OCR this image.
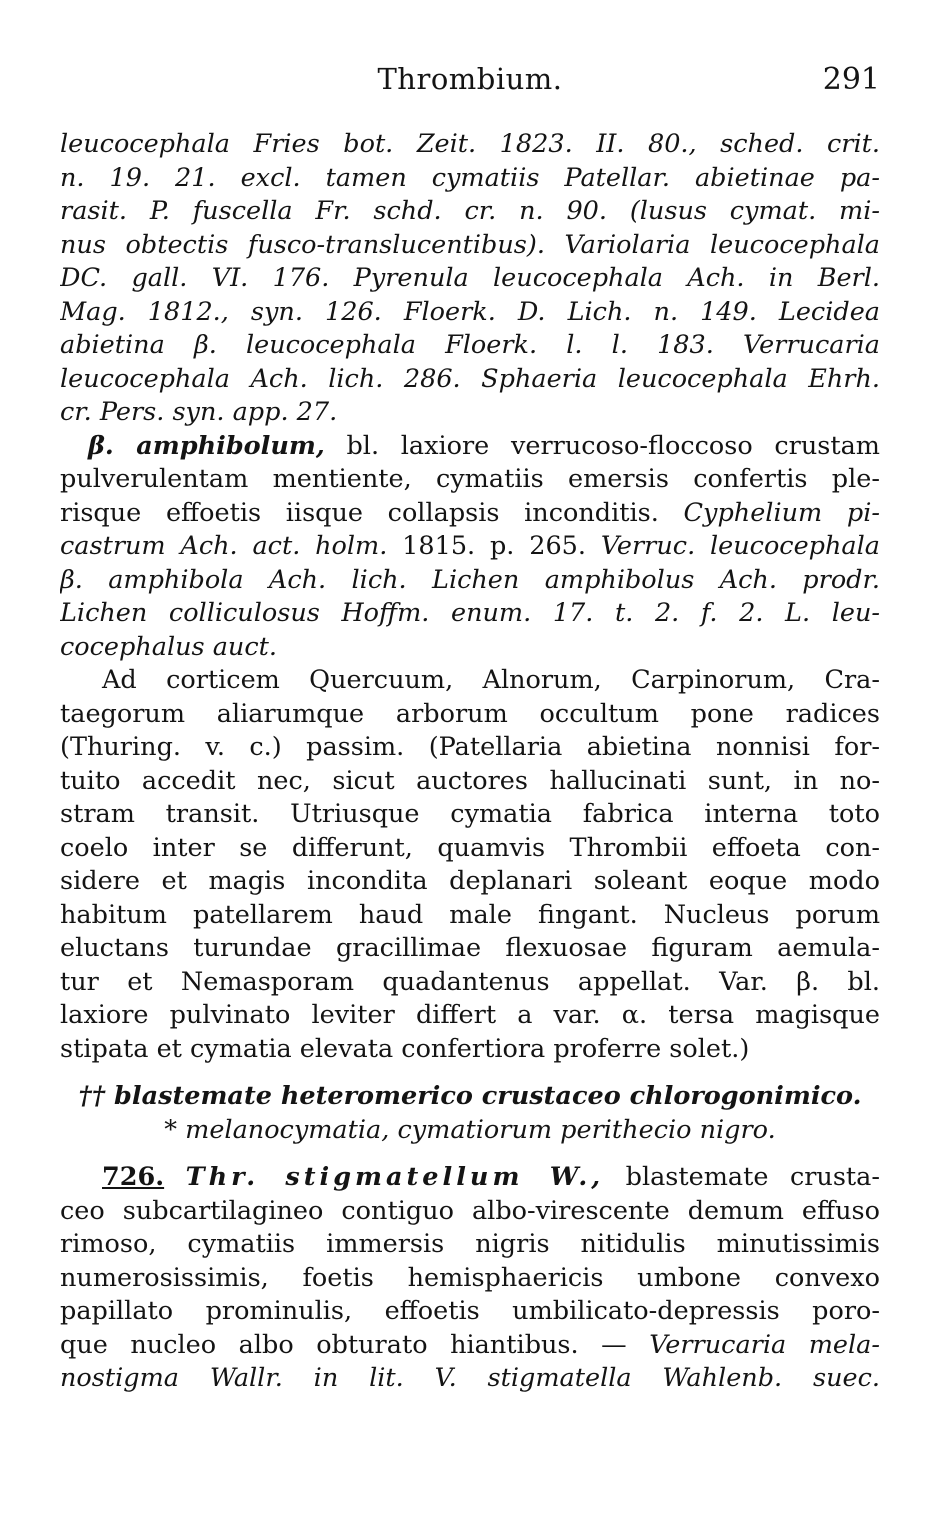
Thrombium.	291
leucocephala Fries bot. Zeit. 1823. II. 80., sched. crit.
n. 19. 21. excl. tamen cymatiis Patellar. abietinae pa-
rasit. P. fuscella Fr. schd. cr. n. 90. (lusus cymat. mi-
nus obtectis fusco-translucentibus). Variolaria leucocephala
DC. gall. VI. 176. Pyrenula leucocephala Ach. in Berl.
Mag. 1812., syn. 126. Floerk. D. Lich. n. 149. Lecidea
abietina β. leucocephala Floerk. l. l. 183. Verrucaria
leucocephala Ach. lich. 286. Sphaeria leucocephala Ehrh.
cr. Pers. syn. app. 27.
β. amphibolum, bl. laxiore verrucoso-floccoso crustam
pulverulentam mentiente, cymatiis emersis confertis ple-
risque effoetis iisque collapsis inconditis. Cyphelium pi-
castrum Ach. act. holm. 1815. p. 265. Verruc. leucocephala
β. amphibola Ach. lich. Lichen amphibolus Ach. prodr.
Lichen colliculosus Hoffm. enum. 17. t. 2. f. 2. L. leu-
cocephalus auct.
Ad corticem Quercuum, Alnorum, Carpinorum, Cra-
taegorum aliarumque arborum occultum pone radices
(Thuring. v. c.) passim. (Patellaria abietina nonnisi for-
tuito accedit nec, sicut auctores hallucinati sunt, in no-
stram transit. Utriusque cymatia fabrica interna toto
coelo inter se differunt, quamvis Thrombii effoeta con-
sidere et magis incondita deplanari soleant eoque modo
habitum patellarem haud male fingant. Nucleus porum
eluctans turundae gracillimae flexuosae figuram aemula-
tur et Nemasporam quadantenus appellat. Var. β. bl.
laxiore pulvinato leviter differt a var. α. tersa magisque
stipata et cymatia elevata confertiora proferre solet.)
†† blastemate heteromerico crustaceo chlorogonimico.
* melanocymatia, cymatiorum perithecio nigro.
726. Thr. stigmatellum W., blastemate crusta-
ceo subcartilagineo contiguo albo-virescente demum effuso
rimoso, cymatiis immersis nigris nitidulis minutissimis
numerosissimis, foetis hemisphaericis umbone convexo
papillato prominulis, effoetis umbilicato-depressis poro-
que nucleo albo obturato hiantibus. — Verrucaria mela-
nostigma Wallr. in lit. V. stigmatella Wahlenb. suec.
